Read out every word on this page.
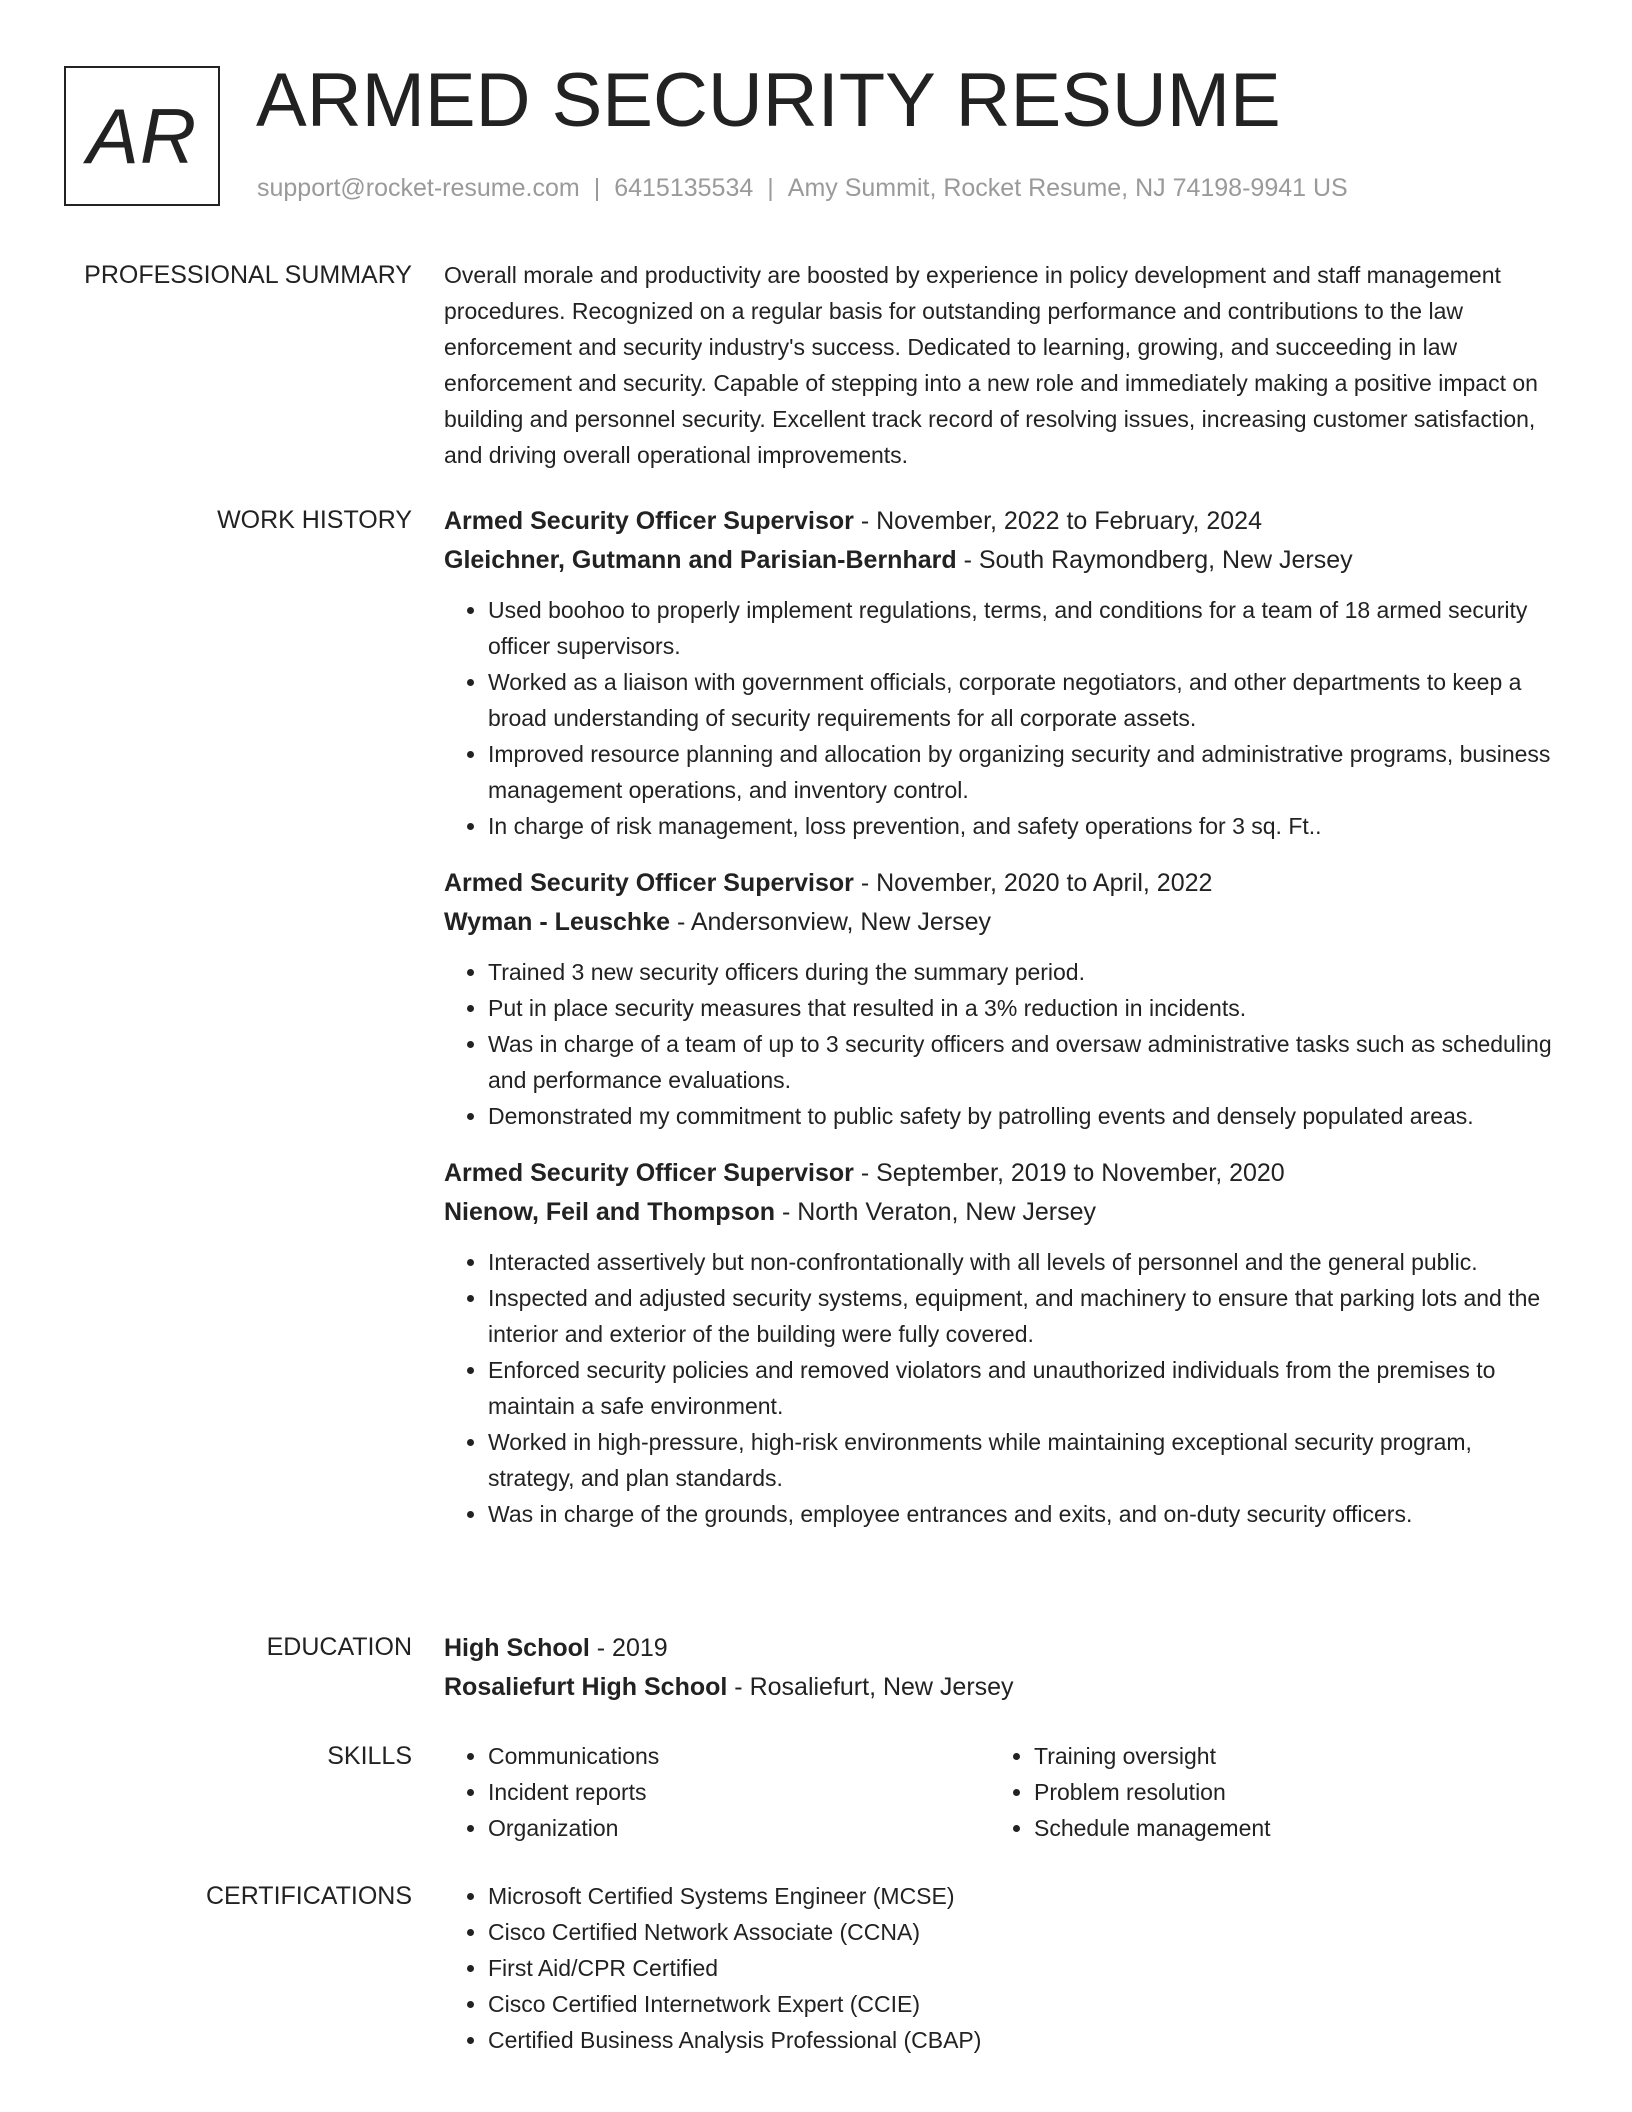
AR ARMED SECURITY RESUME
support@rocket-resume.com | 6415135534 | Amy Summit, Rocket Resume, NJ 74198-9941 US
PROFESSIONAL SUMMARY Overall morale and productivity are boosted by experience in policy development and staff management procedures. Recognized on a regular basis for outstanding performance and contributions to the law enforcement and security industry's success. Dedicated to learning, growing, and succeeding in law enforcement and security. Capable of stepping into a new role and immediately making a positive impact on building and personnel security. Excellent track record of resolving issues, increasing customer satisfaction, and driving overall operational improvements.

WORK HISTORY Armed Security Officer Supervisor - November, 2022 to February, 2024
Gleichner, Gutmann and Parisian-Bernhard - South Raymondberg, New Jersey
• Used boohoo to properly implement regulations, terms, and conditions for a team of 18 armed security officer supervisors.
• Worked as a liaison with government officials, corporate negotiators, and other departments to keep a broad understanding of security requirements for all corporate assets.
• Improved resource planning and allocation by organizing security and administrative programs, business management operations, and inventory control.
• In charge of risk management, loss prevention, and safety operations for 3 sq. Ft..
Armed Security Officer Supervisor - November, 2020 to April, 2022
Wyman - Leuschke - Andersonview, New Jersey
• Trained 3 new security officers during the summary period.
• Put in place security measures that resulted in a 3% reduction in incidents.
• Was in charge of a team of up to 3 security officers and oversaw administrative tasks such as scheduling and performance evaluations.
• Demonstrated my commitment to public safety by patrolling events and densely populated areas.
Armed Security Officer Supervisor - September, 2019 to November, 2020
Nienow, Feil and Thompson - North Veraton, New Jersey
• Interacted assertively but non-confrontationally with all levels of personnel and the general public.
• Inspected and adjusted security systems, equipment, and machinery to ensure that parking lots and the interior and exterior of the building were fully covered.
• Enforced security policies and removed violators and unauthorized individuals from the premises to maintain a safe environment.
• Worked in high-pressure, high-risk environments while maintaining exceptional security program, strategy, and plan standards.
• Was in charge of the grounds, employee entrances and exits, and on-duty security officers.
EDUCATION High School - 2019
Rosaliefurt High School - Rosaliefurt, New Jersey
SKILLS	• Communications
• Incident reports
• Organization
• Training oversight
• Problem resolution
• Schedule management
CERTIFICATIONS	• Microsoft Certified Systems Engineer (MCSE)
• Cisco Certified Network Associate (CCNA)
• First Aid/CPR Certified
• Cisco Certified Internetwork Expert (CCIE)
• Certified Business Analysis Professional (CBAP)
